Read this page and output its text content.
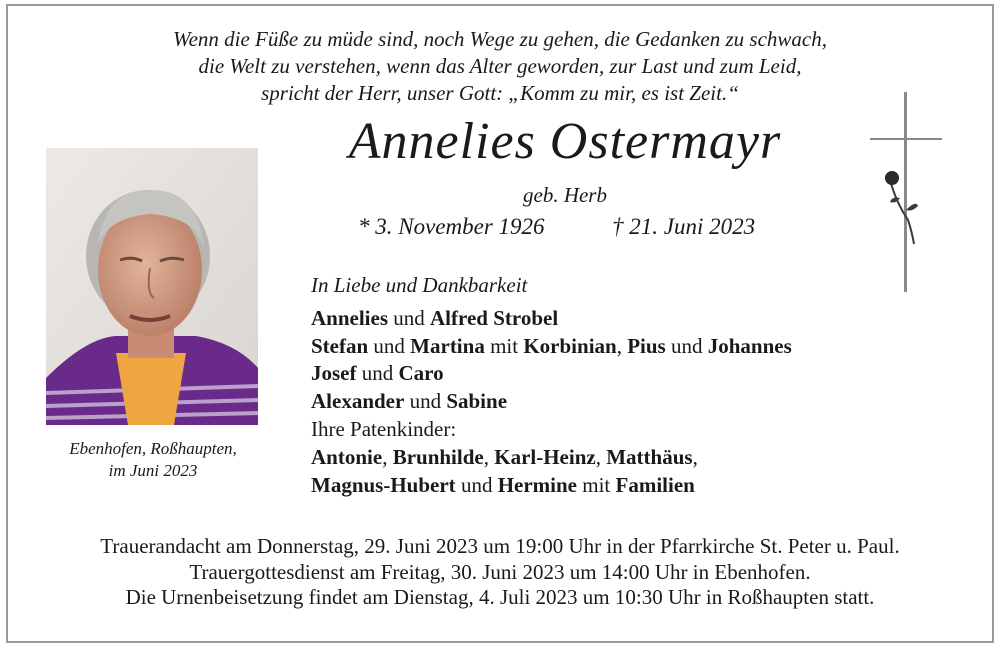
Wenn die Füße zu müde sind, noch Wege zu gehen, die Gedanken zu schwach,
die Welt zu verstehen, wenn das Alter geworden, zur Last und zum Leid,
spricht der Herr, unser Gott: „Komm zu mir, es ist Zeit.“
Annelies Ostermayr
geb. Herb
* 3. November 1926	† 21. Juni 2023
Ebenhofen, Roßhaupten,
im Juni 2023
In Liebe und Dankbarkeit
Annelies und Alfred Strobel
Stefan und Martina mit Korbinian, Pius und Johannes
Josef und Caro
Alexander und Sabine
Ihre Patenkinder:
Antonie, Brunhilde, Karl-Heinz, Matthäus,
Magnus-Hubert und Hermine mit Familien
Trauerandacht am Donnerstag, 29. Juni 2023 um 19:00 Uhr in der Pfarrkirche St. Peter u. Paul.
Trauergottesdienst am Freitag, 30. Juni 2023 um 14:00 Uhr in Ebenhofen.
Die Urnenbeisetzung findet am Dienstag, 4. Juli 2023 um 10:30 Uhr in Roßhaupten statt.
